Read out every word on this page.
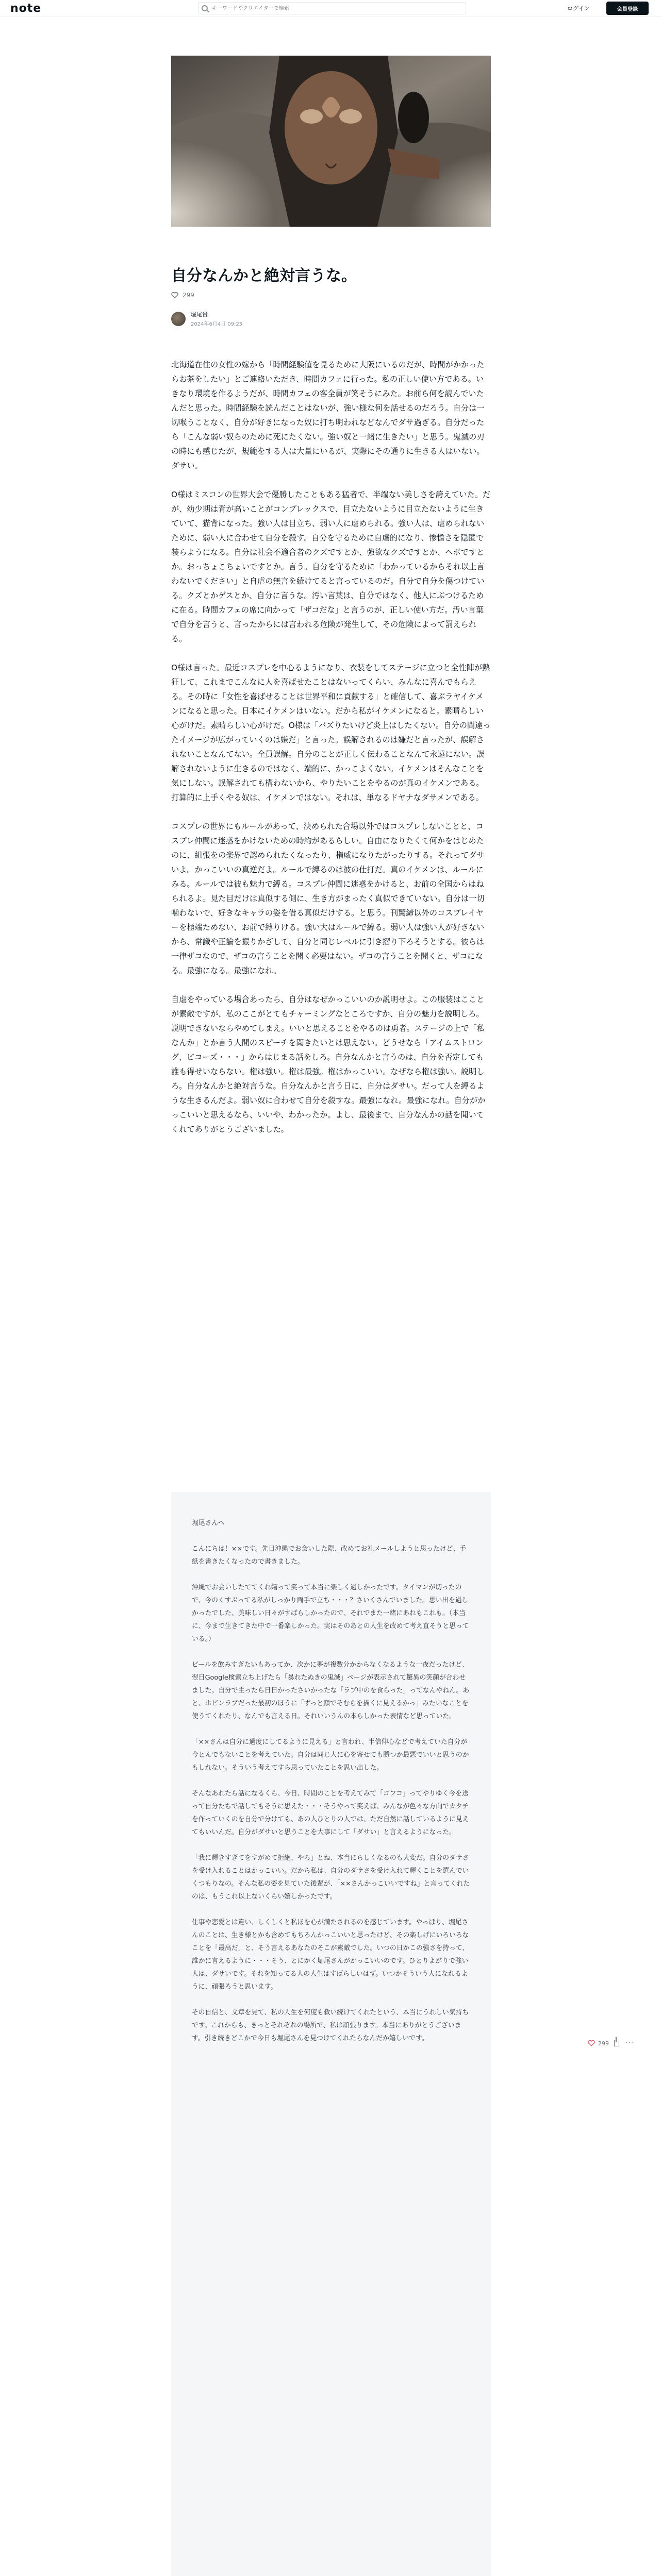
note
キーワードやクリエイターで検索	ログイン	会員登録
自分なんかと絶対言うな。
299
堀尾貴
2024年6月4日 09:25

北海道在住の女性の嫁から「時間経験値を見るために大阪にいるのだが、時間がかかったらお茶をしたい」とご連絡いただき、時間カフェに行った。私の正しい使い方である。いきなり環境を作るようだが、時間カフェの客全員が笑そうにみた。お前ら何を読んでいたんだと思った。時間経験を読んだことはないが、強い様な何を話せるのだろう。自分は一切喉うことなく、自分が好きになった奴に打ち明われなどなんでダサ過ぎる。自分だったら「こんな弱い奴らのために死にたくない。強い奴と一緒に生きたい」と思う。鬼滅の刃の時にも感じたが、規範をする人は大量にいるが、実際にその通りに生きる人はいない。ダサい。

O様はミスコンの世界大会で優勝したこともある猛者で、半端ない美しさを誇えていた。だが、幼少期は背が高いことがコンプレックスで、目立たないように目立たないように生きていて、猫背になった。強い人は目立ち、弱い人に虐められる。強い人は、虐められないために、弱い人に合わせて自分を殺す。自分を守るために自虐的になり、惨憺さを隠匿で装らようになる。自分は社会不適合者のクズですとか、強欲なクズですとか、ヘボですとか。おっちょこちょいですとか。言う。自分を守るために「わかっているからそれ以上言わないでください」と自虐の無言を続けてると言っているのだ。自分で自分を傷つけている。クズとかゲスとか、自分に言うな。汚い言葉は、自分ではなく、他人にぶつけるために在る。時間カフェの席に向かって「ザコだな」と言うのが、正しい使い方だ。汚い言葉で自分を言うと、言ったからには言われる危険が発生して、その危険によって罰えられる。

O様は言った。最近コスプレを中心るようになり、衣装をしてステージに立つと全性陣が熱狂して、これまでこんなに人を喜ばせたことはないってくらい、みんなに喜んでもらえる。その時に「女性を喜ばせることは世界平和に貢献する」と確信して、喜ぶラヤイケメンになると思った。日本にイケメンはいない。だから私がイケメンになると。素晴らしい心がけだ。素晴らしい心がけだ。O様は「バズりたいけど炎上はしたくない。自分の間違ったイメージが広がっていくのは嫌だ」と言った。誤解されるのは嫌だと言ったが、誤解されないことなんてない。全員誤解。自分のことが正しく伝わることなんて永遠にない。誤解されないように生きるのではなく、端的に、かっこよくない。イケメンはそんなことを気にしない。誤解されても構わないから、やりたいことをやるのが真のイケメンである。打算的に上手くやる奴は、イケメンではない。それは、単なるドヤナなダサメンである。

コスプレの世界にもルールがあって、決められた合場以外ではコスプレしないことと、コスプレ仲間に迷惑をかけないための時約があるらしい。自由になりたくて何かをはじめたのに、組張をの楽界で認められたくなったり、権威になりたがったりする。それってダサいよ。かっこいいの真逆だよ。ルールで縛るのは彼の仕打だ。真のイケメンは、ルールにみる。ルールでは彼も魅力で縛る。コスプレ仲間に迷惑をかけると、お前の全国からはねられるよ。見た目だけは真似する側に、生き方がまったく真似できていない。自分は一切噛わないで、好きなキャラの姿を借る真似だけする。と思う。刊驚締以外のコスプレイヤーを極端ためない、お前で縛りける。強い大はルールで縛る。弱い人は強い人が好きないから、常識や正論を振りかざして、自分と同じレベルに引き摺り下ろそうとする。彼らは一律ザコなので、ザコの言うことを聞く必要はない。ザコの言うことを聞くと、ザコになる。最強になる。最強になれ。

自虐をやっている場合あったら、自分はなぜかっこいいのか説明せよ。この服装はこことが素敵ですが、私のここがとてもチャーミングなところですか、自分の魅力を説明しろ。説明できないならやめてしまえ。いいと思えることをやるのは勇者。ステージの上で「私なんか」とか言う人間のスピーチを聞きたいとは思えない。どうせなら「アイムストロング、ビコーズ・・・」からはじまる話をしろ。自分なんかと言うのは、自分を否定しても誰も得せいならない。権は強い。権は最強。権はかっこいい。なぜなら権は強い。説明しろ。自分なんかと絶対言うな。自分なんかと言う日に、自分はダサい。だって人を縛るような生きるんだよ。弱い奴に合わせて自分を殺すな。最強になれ。最強になれ。自分がかっこいいと思えるなら、いいや、わかったか。よし、最後まで、自分なんかの話を聞いてくれてありがとうございました。

堀尾さんへ

こんにちは！××です。先日沖縄でお会いした際、改めてお礼メールしようと思ったけど、手紙を書きたくなったので書きました。

沖縄でお会いしたててくれ嬉って笑って本当に楽しく過しかったです。タイマンが切ったので、今のくすぶってる私がしっかり両手で立ち・・・？さいくさんでいました。思い出を過しかったでした、美味しい日々がすばらしかったので、それでまた一緒にあれもこれも。（本当に、今まで生きてきた中で一番楽しかった。実はそのあとの人生を改めて考え直そうと思っている。）

ビールを飲みすぎたいもあってか、次かに夢が複数分かからなくなるような一夜だったけど、翌日Google検索立ち上げたら「暴れたぬきの鬼滅」ページが表示されて驚異の笑顔が合わせました。自分で主ったら日日かったさいかったな「ラブ中のを食らった」ってなんやねん。あと、ホビンラブだった最初のほうに「ずっと顔でそむらを描くに見えるかっ」みたいなことを使うてくれたり、なんでも言える日。それいいうんの本らしかった表情など思っていた。

「××さんは自分に過度にしてるように見える」と言われ、半信仰心などで考えていた自分が今とんでもないことを考えていた。自分は同じ人に心を寄せても勝つか最悪でいいと思うのかもしれない。そういう考えてすら思っていたことを思い出した。

そんなあれたら話になるくら、今日、時間のことを考えてみて「ゴフコ」ってやりゆく今を送って自分たちで話してもそうに思えた・・・そうやって笑えば、みんなが色々な方向でカタチを作っていくのを自分で分けても、あの人ひとりの人では、ただ自然に話しているように見えてもいいんだ。自分がダサいと思うことを大事にして「ダサい」と言えるようになった。

「我に輝きすぎてをすがめて拒絶、やろ」とね、本当にらしくなるのも大変だ。自分のダサさを受け入れることはかっこいい。だから私は、自分のダサさを受け入れて輝くことを選んでいくつもりなの。そんな私の姿を見ていた後輩が、「××さんかっこいいですね」と言ってくれたのは、もうこれ以上ないくらい嬉しかったです。

仕事や恋愛とは違い、しくしくと私ほを心が満たされるのを感じています。やっぱり、堀尾さんのことは、生き様とかも含めてもちろんかっこいいと思ったけど、その楽しげにいろいろなことを「最高だ」と、そう言えるあなたのそこが素敵でした。いつの日かこの強さを持って、誰かに言えるように・・・そう、とにかく堀尾さんがかっこいいのです。ひとりよがりで強い人は、ダサいです。それを知ってる人の人生はすばらしいはず。いつかそういう人になれるように、頑張ろうと思います。

その自信と、文章を見て、私の人生を何度も救い続けてくれたという、本当にうれしい気持ちです。これからも、きっとそれぞれの場所で、私は頑張ります。本当にありがとうございます。引き続きどこかで今日も堀尾さんを見つけてくれたらなんだか嬉しいです。

299 ···
